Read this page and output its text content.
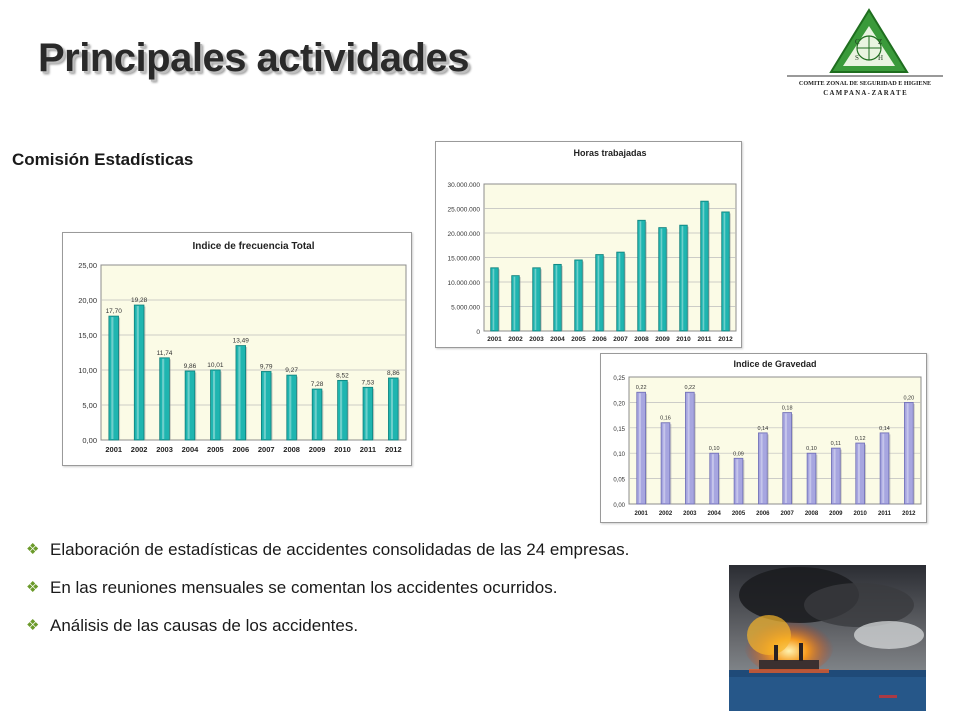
Principales actividades	C	Z
S	H
COMITE ZONAL DE SEGURIDAD E HIGIENE
C A M P A N A - Z A R A T E
Comisión Estadísticas
Indice de frecuencia Total
0,00
5,00
10,00
15,00
20,00
25,00
17,70
2001
19,28
2002
11,74
2003
9,86
2004
10,01
2005
13,49
2006
9,79
2007
9,27
2008
7,28
2009
8,52
2010
7,53
2011
8,86
2012
Horas trabajadas
0
5.000.000
10.000.000
15.000.000
20.000.000
25.000.000
30.000.000
2001 2002 2003 2004 2005 2006 2007 2008 2009 2010 2011 2012
Indice de Gravedad
0,00
0,05
0,10
0,15
0,20
0,25
0,22
2001
0,16
2002
0,22
2003
0,10
2004
0,09
2005
0,14
2006
0,18
2007
0,10
2008
0,11
2009
0,12
2010
0,14
2011
0,20
2012
❖ Elaboración de estadísticas de accidentes consolidadas de las 24 empresas.
❖ En las reuniones mensuales se comentan los accidentes ocurridos.
❖ Análisis de las causas de los accidentes.
